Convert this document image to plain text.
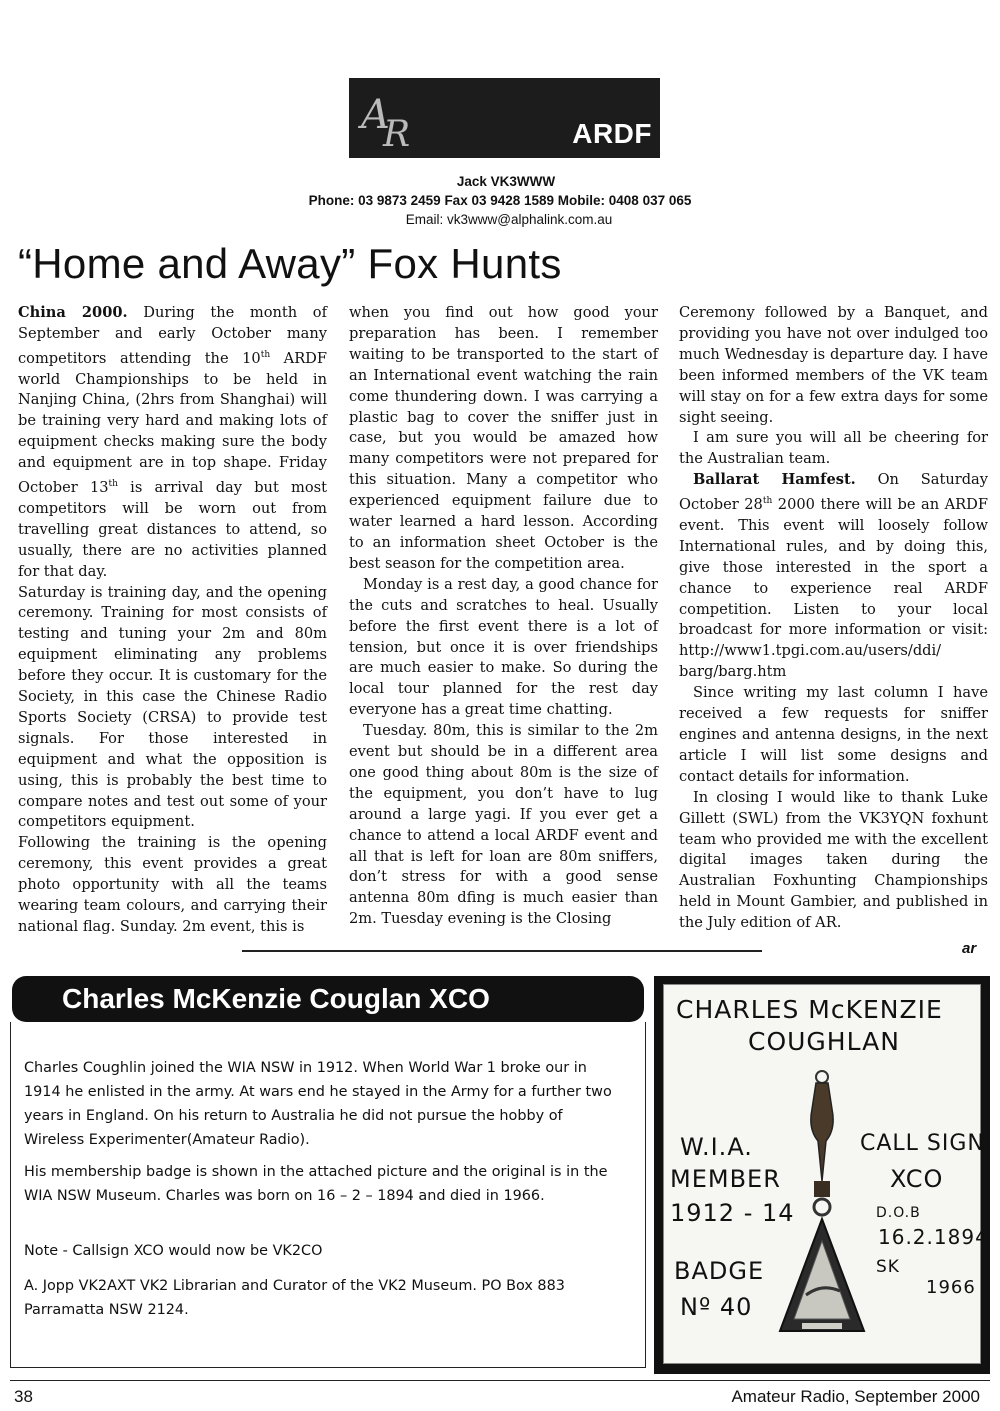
A
R	ARDF
Jack VK3WWW
Phone: 03 9873 2459 Fax 03 9428 1589 Mobile: 0408 037 065
Email: vk3www@alphalink.com.au
“Home and Away” Fox Hunts

China 2000. During the month of September and early October many competitors attending the 10th ARDF world Championships to be held in Nanjing China, (2hrs from Shanghai) will be training very hard and making lots of equipment checks making sure the body and equipment are in top shape. Friday October 13th is arrival day but most competitors will be worn out from travelling great distances to attend, so usually, there are no activities planned for that day.

Saturday is training day, and the opening ceremony. Training for most consists of testing and tuning your 2m and 80m equipment eliminating any problems before they occur. It is customary for the Society, in this case the Chinese Radio Sports Society (CRSA) to provide test signals. For those interested in equipment and what the opposition is using, this is probably the best time to compare notes and test out some of your competitors equipment.

Following the training is the opening ceremony, this event provides a great photo opportunity with all the teams wearing team colours, and carrying their national flag. Sunday. 2m event, this is

when you find out how good your preparation has been. I remember waiting to be transported to the start of an International event watching the rain come thundering down. I was carrying a plastic bag to cover the sniffer just in case, but you would be amazed how many competitors were not prepared for this situation. Many a competitor who experienced equipment failure due to water learned a hard lesson. According to an information sheet October is the best season for the competition area.

Monday is a rest day, a good chance for the cuts and scratches to heal. Usually before the first event there is a lot of tension, but once it is over friendships are much easier to make. So during the local tour planned for the rest day everyone has a great time chatting.

Tuesday. 80m, this is similar to the 2m event but should be in a different area one good thing about 80m is the size of the equipment, you don’t have to lug around a large yagi. If you ever get a chance to attend a local ARDF event and all that is left for loan are 80m sniffers, don’t stress for with a good sense antenna 80m dfing is much easier than 2m. Tuesday evening is the Closing

Ceremony followed by a Banquet, and providing you have not over indulged too much Wednesday is departure day. I have been informed members of the VK team will stay on for a few extra days for some sight seeing.

I am sure you will all be cheering for the Australian team.

Ballarat Hamfest. On Saturday October 28th 2000 there will be an ARDF event. This event will loosely follow International rules, and by doing this, give those interested in the sport a chance to experience real ARDF competition. Listen to your local broadcast for more information or visit: http://www1.tpgi.com.au/users/ddi/ barg/barg.htm

Since writing my last column I have received a few requests for sniffer engines and antenna designs, in the next article I will list some designs and contact details for information.

In closing I would like to thank Luke Gillett (SWL) from the VK3YQN foxhunt team who provided me with the excellent digital images taken during the Australian Foxhunting Championships held in Mount Gambier, and published in the July edition of AR.

ar
Charles McKenzie Couglan XCO
Charles Coughlin joined the WIA NSW in 1912. When World War 1 broke our in 1914 he enlisted in the army. At wars end he stayed in the Army for a further two years in England. On his return to Australia he did not pursue the hobby of Wireless Experimenter(Amateur Radio).
His membership badge is shown in the attached picture and the original is in the WIA NSW Museum. Charles was born on 16 – 2 – 1894 and died in 1966.
Note - Callsign XCO would now be VK2CO
A. Jopp VK2AXT VK2 Librarian and Curator of the VK2 Museum. PO Box 883 Parramatta NSW 2124.
CHARLES McKENZIE
COUGHLAN
W.I.A.
MEMBER
1912 - 14
BADGE
Nº 40
CALL SIGN
XCO
D.O.B
16.2.1894
SK
1966
38	Amateur Radio, September 2000
